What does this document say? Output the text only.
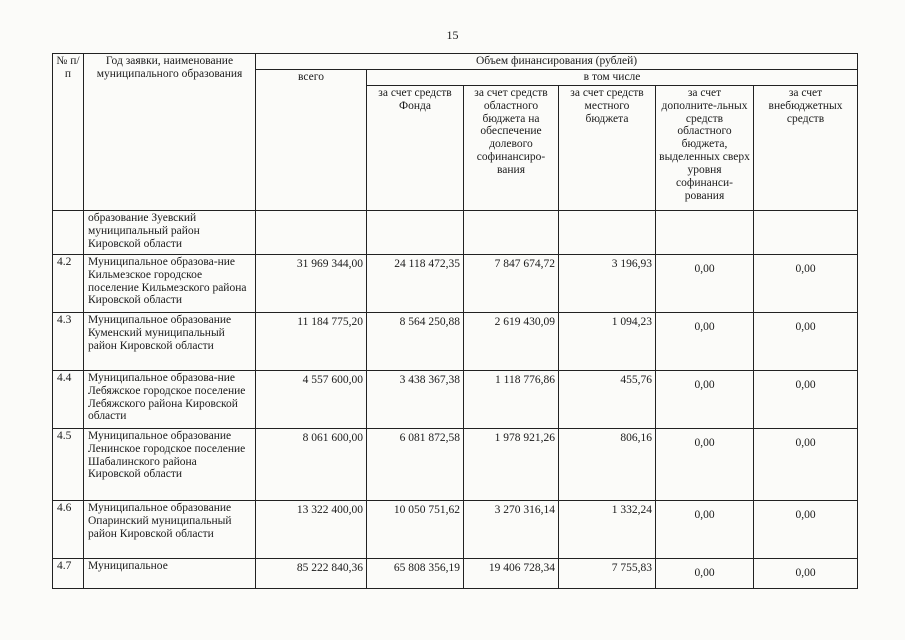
15
№ п/п	Год заявки, наименование муниципального образования	Объем финансирования (рублей)					
		всего	в том числе				
			за счет средств Фонда	за счет средств областного бюджета на обеспечение долевого софинансиро-вания	за счет средств местного бюджета	за счет дополните-льных средств областного бюджета, выделенных сверх уровня софинанси-рования	за счет внебюджетных средств
	образование Зуевский муниципальный район Кировской области						
4.2	Муниципальное образова-ние Кильмезское городское поселение Кильмезского района Кировской области	31 969 344,00	24 118 472,35	7 847 674,72	3 196,93	0,00	0,00
4.3	Муниципальное образование Куменский муниципальный район Кировской области	11 184 775,20	8 564 250,88	2 619 430,09	1 094,23	0,00	0,00
4.4	Муниципальное образова-ние Лебяжское городское поселение Лебяжского района Кировской области	4 557 600,00	3 438 367,38	1 118 776,86	455,76	0,00	0,00
4.5	Муниципальное образование Ленинское городское поселение Шабалинского района Кировской области	8 061 600,00	6 081 872,58	1 978 921,26	806,16	0,00	0,00
4.6	Муниципальное образование Опаринский муниципальный район Кировской области	13 322 400,00	10 050 751,62	3 270 316,14	1 332,24	0,00	0,00
4.7	Муниципальное	85 222 840,36	65 808 356,19	19 406 728,34	7 755,83	0,00	0,00
